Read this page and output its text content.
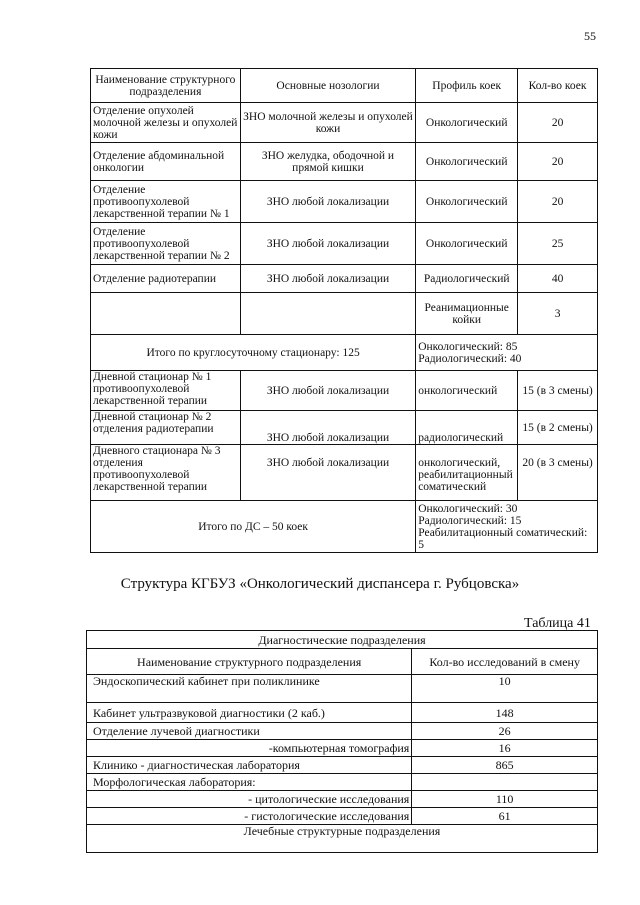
55
Наименование структурного подразделения	Основные нозологии	Профиль коек	Кол-во коек
Отделение опухолей молочной железы и опухолей кожи	ЗНО молочной железы и опухолей кожи	Онкологический	20
Отделение абдоминальной онкологии	ЗНО желудка, ободочной и прямой кишки	Онкологический	20
Отделение противоопухолевой лекарственной терапии № 1	ЗНО любой локализации	Онкологический	20
Отделение противоопухолевой лекарственной терапии № 2	ЗНО любой локализации	Онкологический	25
Отделение радиотерапии	ЗНО любой локализации	Радиологический	40
		Реанимационные койки	3
Итого по круглосуточному стационару: 125		Онкологический: 85
Радиологический: 40	
Дневной стационар № 1 противоопухолевой лекарственной терапии	ЗНО любой локализации	онкологический	15 (в 3 смены)
Дневной стационар № 2 отделения радиотерапии	ЗНО любой локализации	радиологический	15 (в 2 смены)
Дневного стационара № 3 отделения противоопухолевой лекарственной терапии	ЗНО любой локализации	онкологический, реабилитационный соматический	20 (в 3 смены)
Итого по ДС – 50 коек		Онкологический: 30
Радиологический: 15
Реабилитационный соматический: 5	
Структура КГБУЗ «Онкологический диспансера г. Рубцовска»
Таблица 41
Диагностические подразделения	
Наименование структурного подразделения	Кол-во исследований в смену
Эндоскопический кабинет при поликлинике	10
Кабинет ультразвуковой диагностики (2 каб.)	148
Отделение лучевой диагностики	26
-компьютерная томография	16
Клинико - диагностическая лаборатория	865
Морфологическая лаборатория:	
- цитологические исследования	110
- гистологические исследования	61
Лечебные структурные подразделения	
